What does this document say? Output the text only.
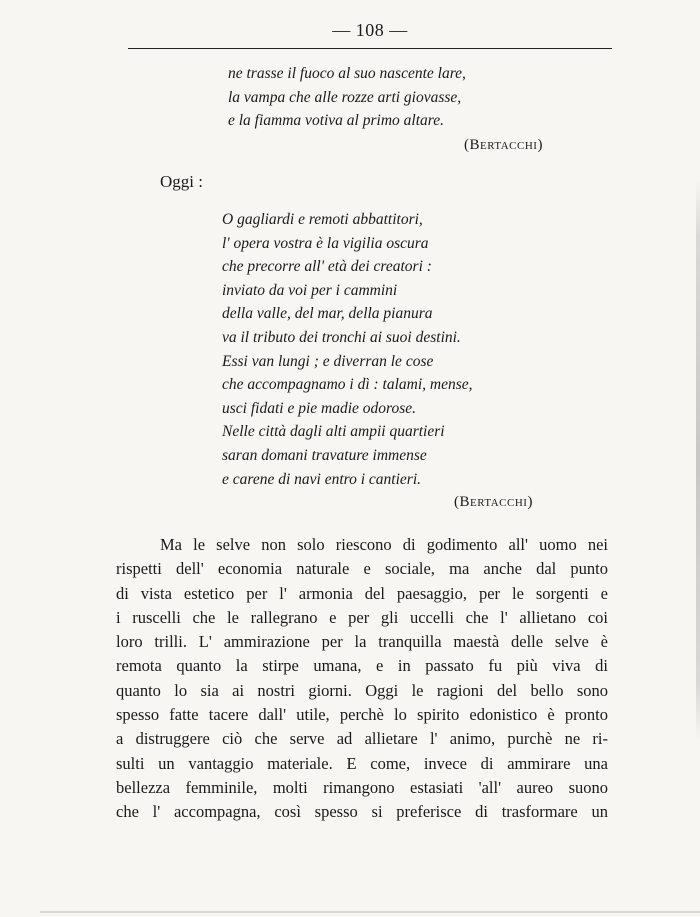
— 108 —
ne trasse il fuoco al suo nascente lare,
la vampa che alle rozze arti giovasse,
e la fiamma votiva al primo altare.
(Bertacchi)
Oggi :
O gagliardi e remoti abbattitori,
l' opera vostra è la vigilia oscura
che precorre all' età dei creatori :
inviato da voi per i cammini
della valle, del mar, della pianura
va il tributo dei tronchi ai suoi destini.
Essi van lungi ; e diverran le cose
che accompagnamo i dì : talami, mense,
usci fidati e pie madie odorose.
Nelle città dagli alti ampii quartieri
saran domani travature immense
e carene di navi entro i cantieri.
(Bertacchi)
Ma le selve non solo riescono di godimento all' uomo nei
rispetti dell' economia naturale e sociale, ma anche dal punto
di vista estetico per l' armonia del paesaggio, per le sorgenti e
i ruscelli che le rallegrano e per gli uccelli che l' allietano coi
loro trilli. L' ammirazione per la tranquilla maestà delle selve è
remota quanto la stirpe umana, e in passato fu più viva di
quanto lo sia ai nostri giorni. Oggi le ragioni del bello sono
spesso fatte tacere dall' utile, perchè lo spirito edonistico è pronto
a distruggere ciò che serve ad allietare l' animo, purchè ne ri-
sulti un vantaggio materiale. E come, invece di ammirare una
bellezza femminile, molti rimangono estasiati 'all' aureo suono
che l' accompagna, così spesso si preferisce di trasformare un
